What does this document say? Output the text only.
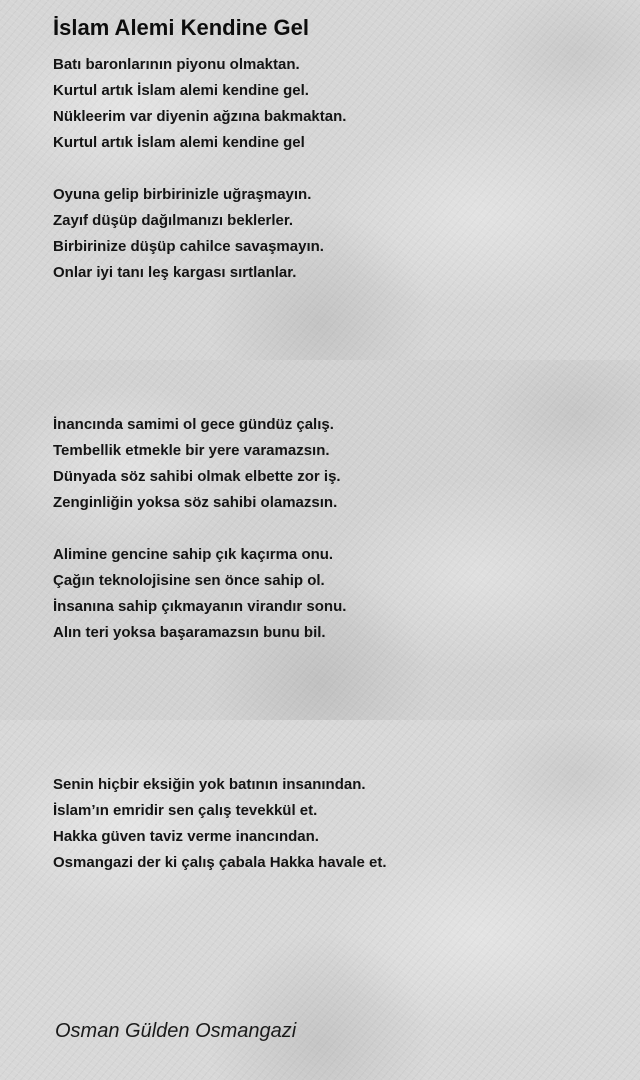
İslam Alemi Kendine Gel
Batı baronlarının piyonu olmaktan.
Kurtul artık İslam alemi kendine gel.
Nükleerim var diyenin ağzına bakmaktan.
Kurtul artık İslam alemi kendine gel
Oyuna gelip birbirinizle uğraşmayın.
Zayıf düşüp dağılmanızı beklerler.
Birbirinize düşüp cahilce savaşmayın.
Onlar iyi tanı leş kargası sırtlanlar.
İnancında samimi ol gece gündüz çalış.
Tembellik etmekle bir yere varamazsın.
Dünyada söz sahibi olmak elbette zor iş.
Zenginliğin yoksa söz sahibi olamazsın.
Alimine gencine sahip çık kaçırma onu.
Çağın teknolojisine sen önce sahip ol.
İnsanına sahip çıkmayanın virandır sonu.
Alın teri yoksa başaramazsın bunu bil.
Senin hiçbir eksiğin yok batının insanından.
İslam’ın emridir sen çalış tevekkül et.
Hakka güven taviz verme inancından.
Osmangazi der ki çalış çabala Hakka havale et.

Osman Gülden Osmangazi
